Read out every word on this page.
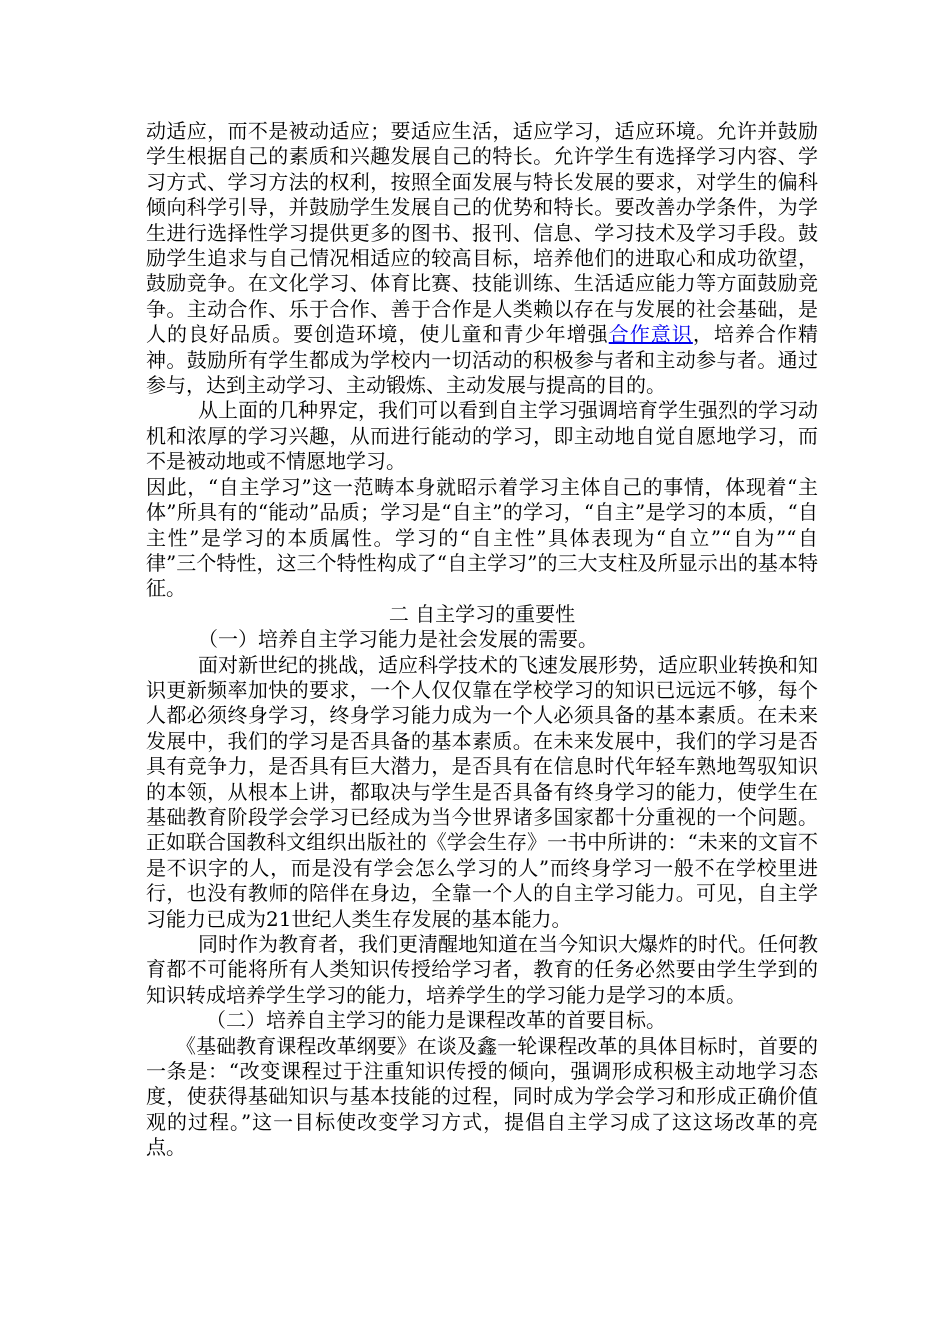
动适应，而不是被动适应；要适应生活，适应学习，适应环境。允许并鼓励学生根据自己的素质和兴趣发展自己的特长。允许学生有选择学习内容、学习方式、学习方法的权利，按照全面发展与特长发展的要求，对学生的偏科倾向科学引导，并鼓励学生发展自己的优势和特长。要改善办学条件，为学生进行选择性学习提供更多的图书、报刊、信息、学习技术及学习手段。鼓励学生追求与自己情况相适应的较高目标，培养他们的进取心和成功欲望，鼓励竞争。在文化学习、体育比赛、技能训练、生活适应能力等方面鼓励竞争。主动合作、乐于合作、善于合作是人类赖以存在与发展的社会基础，是人的良好品质。要创造环境，使儿童和青少年增强合作意识，培养合作精神。鼓励所有学生都成为学校内一切活动的积极参与者和主动参与者。通过参与，达到主动学习、主动锻炼、主动发展与提高的目的。

从上面的几种界定，我们可以看到自主学习强调培育学生强烈的学习动机和浓厚的学习兴趣，从而进行能动的学习，即主动地自觉自愿地学习，而不是被动地或不情愿地学习。

因此，“自主学习”这一范畴本身就昭示着学习主体自己的事情，体现着“主体”所具有的“能动”品质；学习是“自主”的学习，“自主”是学习的本质，“自主性”是学习的本质属性。学习的“自主性”具体表现为“自立”“自为”“自律”三个特性，这三个特性构成了“自主学习”的三大支柱及所显示出的基本特征。

二 自主学习的重要性

（一）培养自主学习能力是社会发展的需要。

面对新世纪的挑战，适应科学技术的飞速发展形势，适应职业转换和知识更新频率加快的要求，一个人仅仅靠在学校学习的知识已远远不够，每个人都必须终身学习，终身学习能力成为一个人必须具备的基本素质。在未来发展中，我们的学习是否具备的基本素质。在未来发展中，我们的学习是否具有竞争力，是否具有巨大潜力，是否具有在信息时代年轻车熟地驾驭知识的本领，从根本上讲，都取决与学生是否具备有终身学习的能力，使学生在基础教育阶段学会学习已经成为当今世界诸多国家都十分重视的一个问题。正如联合国教科文组织出版社的《学会生存》一书中所讲的：“未来的文盲不是不识字的人，而是没有学会怎么学习的人”而终身学习一般不在学校里进行，也没有教师的陪伴在身边，全靠一个人的自主学习能力。可见，自主学习能力已成为21世纪人类生存发展的基本能力。

同时作为教育者，我们更清醒地知道在当今知识大爆炸的时代。任何教育都不可能将所有人类知识传授给学习者，教育的任务必然要由学生学到的知识转成培养学生学习的能力，培养学生的学习能力是学习的本质。

（二）培养自主学习的能力是课程改革的首要目标。

《基础教育课程改革纲要》在谈及鑫一轮课程改革的具体目标时，首要的一条是：“改变课程过于注重知识传授的倾向，强调形成积极主动地学习态度，使获得基础知识与基本技能的过程，同时成为学会学习和形成正确价值观的过程。”这一目标使改变学习方式，提倡自主学习成了这这场改革的亮点。
